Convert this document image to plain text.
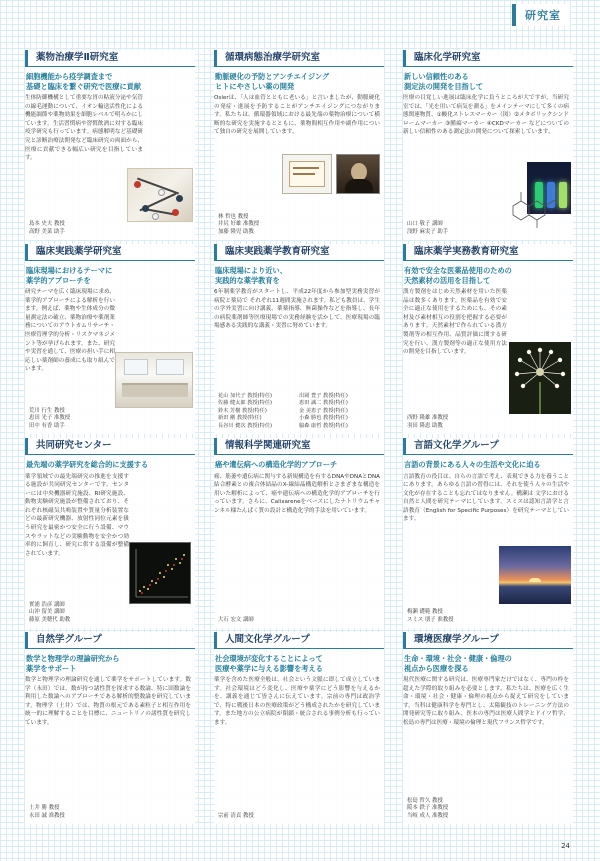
研究室
薬物治療学Ⅱ研究室
細胞機能から疫学調査まで
基礎と臨床を繋ぐ研究で医療に貢献
生体防御機構として重要な胃の粘液分泌や気管の線毛運動について、イオン輸送活性化による機能調節や薬物効果を細胞レベルで明らかにしています。生活習慣病や習慣飲酒に対する臨床疫学研究も行っています。病態解明など基礎研究と診断治療法開発など臨床研究の両面から、医療に貢献できる幅広い研究を目指しています。
島本 史夫 教授
高野 美菜 助手
循環病態治療学研究室
動脈硬化の予防とアンチエイジング
ヒトにやさしい薬の開発
Oslerは、「人は血管とともに老いる」と言いましたが、動脈硬化の発症・進展を予防することがアンチエイジングにつながります。私たちは、循環器領域における最先端の薬物治療について横断的な研究を実施するとともに、薬物間相互作用や副作用について独自の研究を展開しています。
林 哲也 教授
井尻 好雄 准教授
加藤 隆児 助教
臨床化学研究室
新しい信頼性のある
測定法の開発を目指して
医療の目覚しい進展は臨床化学に負うところが大ですが、当研究室では、「光を用いて病気を測る」をメインテーマにして多くの病態関連物質、①酸化ストレスマーカー（図）②メタボリックシンドロームマーカー ③腫瘍マーカー ④CKDマーカー などについての新しい信頼性のある測定法の開発について探索しています。
山口 敬子 講師
浅野 麻実子 助手
臨床実践薬学研究室
臨床現場におけるテーマに
薬学的アプローチを
研究テーマを広く臨床現場に求め、薬学的アプローチによる解析を行います。例えば、薬物や生体成分の微量測定法の確立、薬物治療や薬剤業務についてのアウトカムリサーチ・医療管理学的分析・リスクマネジメント等が挙げられます。また、研究や実習を通して、医療の担い手に相応しい薬剤師の養成にも取り組んでいます。
荒川 行生 教授
恵田 光子 准教授
田中 有香 助手
臨床実践薬学教育研究室
臨床現場により近い、
実践的な薬学教育を
6年制薬学教育がスタートし、平成22年度から参加型実務実習が病院と薬局で それぞれ11週間実施されます。私ども教員は、学生の学外実習に向け講義、薬薬指導、無菌操作などを指導し、長年の病院薬剤師等医療現場での実務経験を活かして、医療現場の臨場感ある実践的な講義・実習に努めています。
花山 加代子 教授(特任)
佐藤 健太郎 教授(特任)
鈴木 芳樹 教授(特任)
新田 剛 教授(特任)
長谷川 健次 教授(特任)
出岡 豊子 教授(特任)
恵田 誠二 教授(特任)
金 美恵子 教授(特任)
小森 勝也 教授(特任)
脇森 康哲 教授(特任)
臨床薬学実務教育研究室
有効で安全な医薬品使用のための
天然素材の活用を目指して
漢方製剤をはじめ天然素材を用いた医薬品は数多くあります。医薬品を有効で安全に適正な使用をするためにも、その素材及び素材相互の役割を把握する必要があります。天然素材で作られている漢方製剤等の相互作用、品質評価に関する研究を行い、漢方製剤等の適正な使用方法の開発を目指しています。
西野 隆雄 准教授
羽田 隆恵 助教
共同研究センター
最先端の薬学研究を総合的に支援する
薬学領域での最先端研究の推進を支援する施設が共同研究センターです。センターには中央機器研究施設、RI研究施設、動物実験研究施設が整備されており、それぞれ核磁気共鳴装置や質量分析装置などの最新研究機器、放射性同位元素を扱う研究を最密かつ安全に行う設備、マウスやラットなどの実験動物を安全かつ効率的に飼育し、研究に供する設備が整備されています。
實浦 浩彦 講師
山沖 留美 講師
藤原 美穂代 助教
情報科学関連研究室
癌や遺伝病への構造化学的アプローチ
癌、筋萎や遺伝病に関与する新規構造を有するDNAやDNAとDNA結合酵素との複合体結晶のX-線結晶構造解析とさまざまな構造を用いた解析によって、癌や遺伝病への構造化学的アプローチを行っています。さらに、Calixareneをベースにしたナトリウムチャンネル様たんぱく質の設計と構造化学的手法を用いています。
大石 宏文 講師
言語文化学グループ
言語の背景にある人々の生活や文化に迫る
言語教育の役目は、自らの言語で考え、表現できる力を養うことにあります。あらゆる言語の習得には、それを使う人々の生活や文化が存在することも忘れてはなりません。構瀬は 文学における自然と人間を研究テーマにしています。スミスは認知言語学と言語教育（English for Specific Purposes）を研究テーマとしています。
梅瀬 礎範 教授
スミス 朋子 准教授
自然学グループ
数学と物理学の理論研究から
薬学をサポート
数学と物理学の理論研究を通して薬学をサポートしています。数学（永田）では、数が持つ諸性質を探求する数論、特に固数論を利用した数論へのアプローチである解析的整数論を研究しています。物理学（土井）では、物質の根元である素粒子と相互作用を統一的に理解することを目標に、ニュートリノの諸性質を研究しています。
土井 勝 教授
永田 誠 准教授
人間文化学グループ
社会環境が変化することによって
医療や薬学に与える影響を考える
薬学を含めた医療全般は、社会という文脈に即して成立しています。社会環境はどう変化し、医療や薬学にどう影響を与えるかを、講義を通じて皆さんに伝えています。宗前の専門は政治学で、特に戦後日本の医療政策がどう構成されたかを研究しています。また地方の公立病院が閉鎖・統合される事例分析も行っています。
宗前 清貞 教授
環境医療学グループ
生命・環境・社会・健康・倫理の
視点から医療を探る
現代医療に関する研究は、医療専門家だけではなく、専門の枠を超えた学際的取り組みを必要とします。私たちは、医療を広く生命・環境・社会・健康・倫理の視点から捉えて研究をしています。当科は健康科学を専門とし、太陽観技のトレーニング方法の開発研究等に取り組み、医本の専門は医療人間学とドイツ哲学、松島の専門は医療・環境の倫理と現代フランス哲学です。
松島 哲久 教授
阪本 鉄子 准教授
当岐 成人 准教授
24
